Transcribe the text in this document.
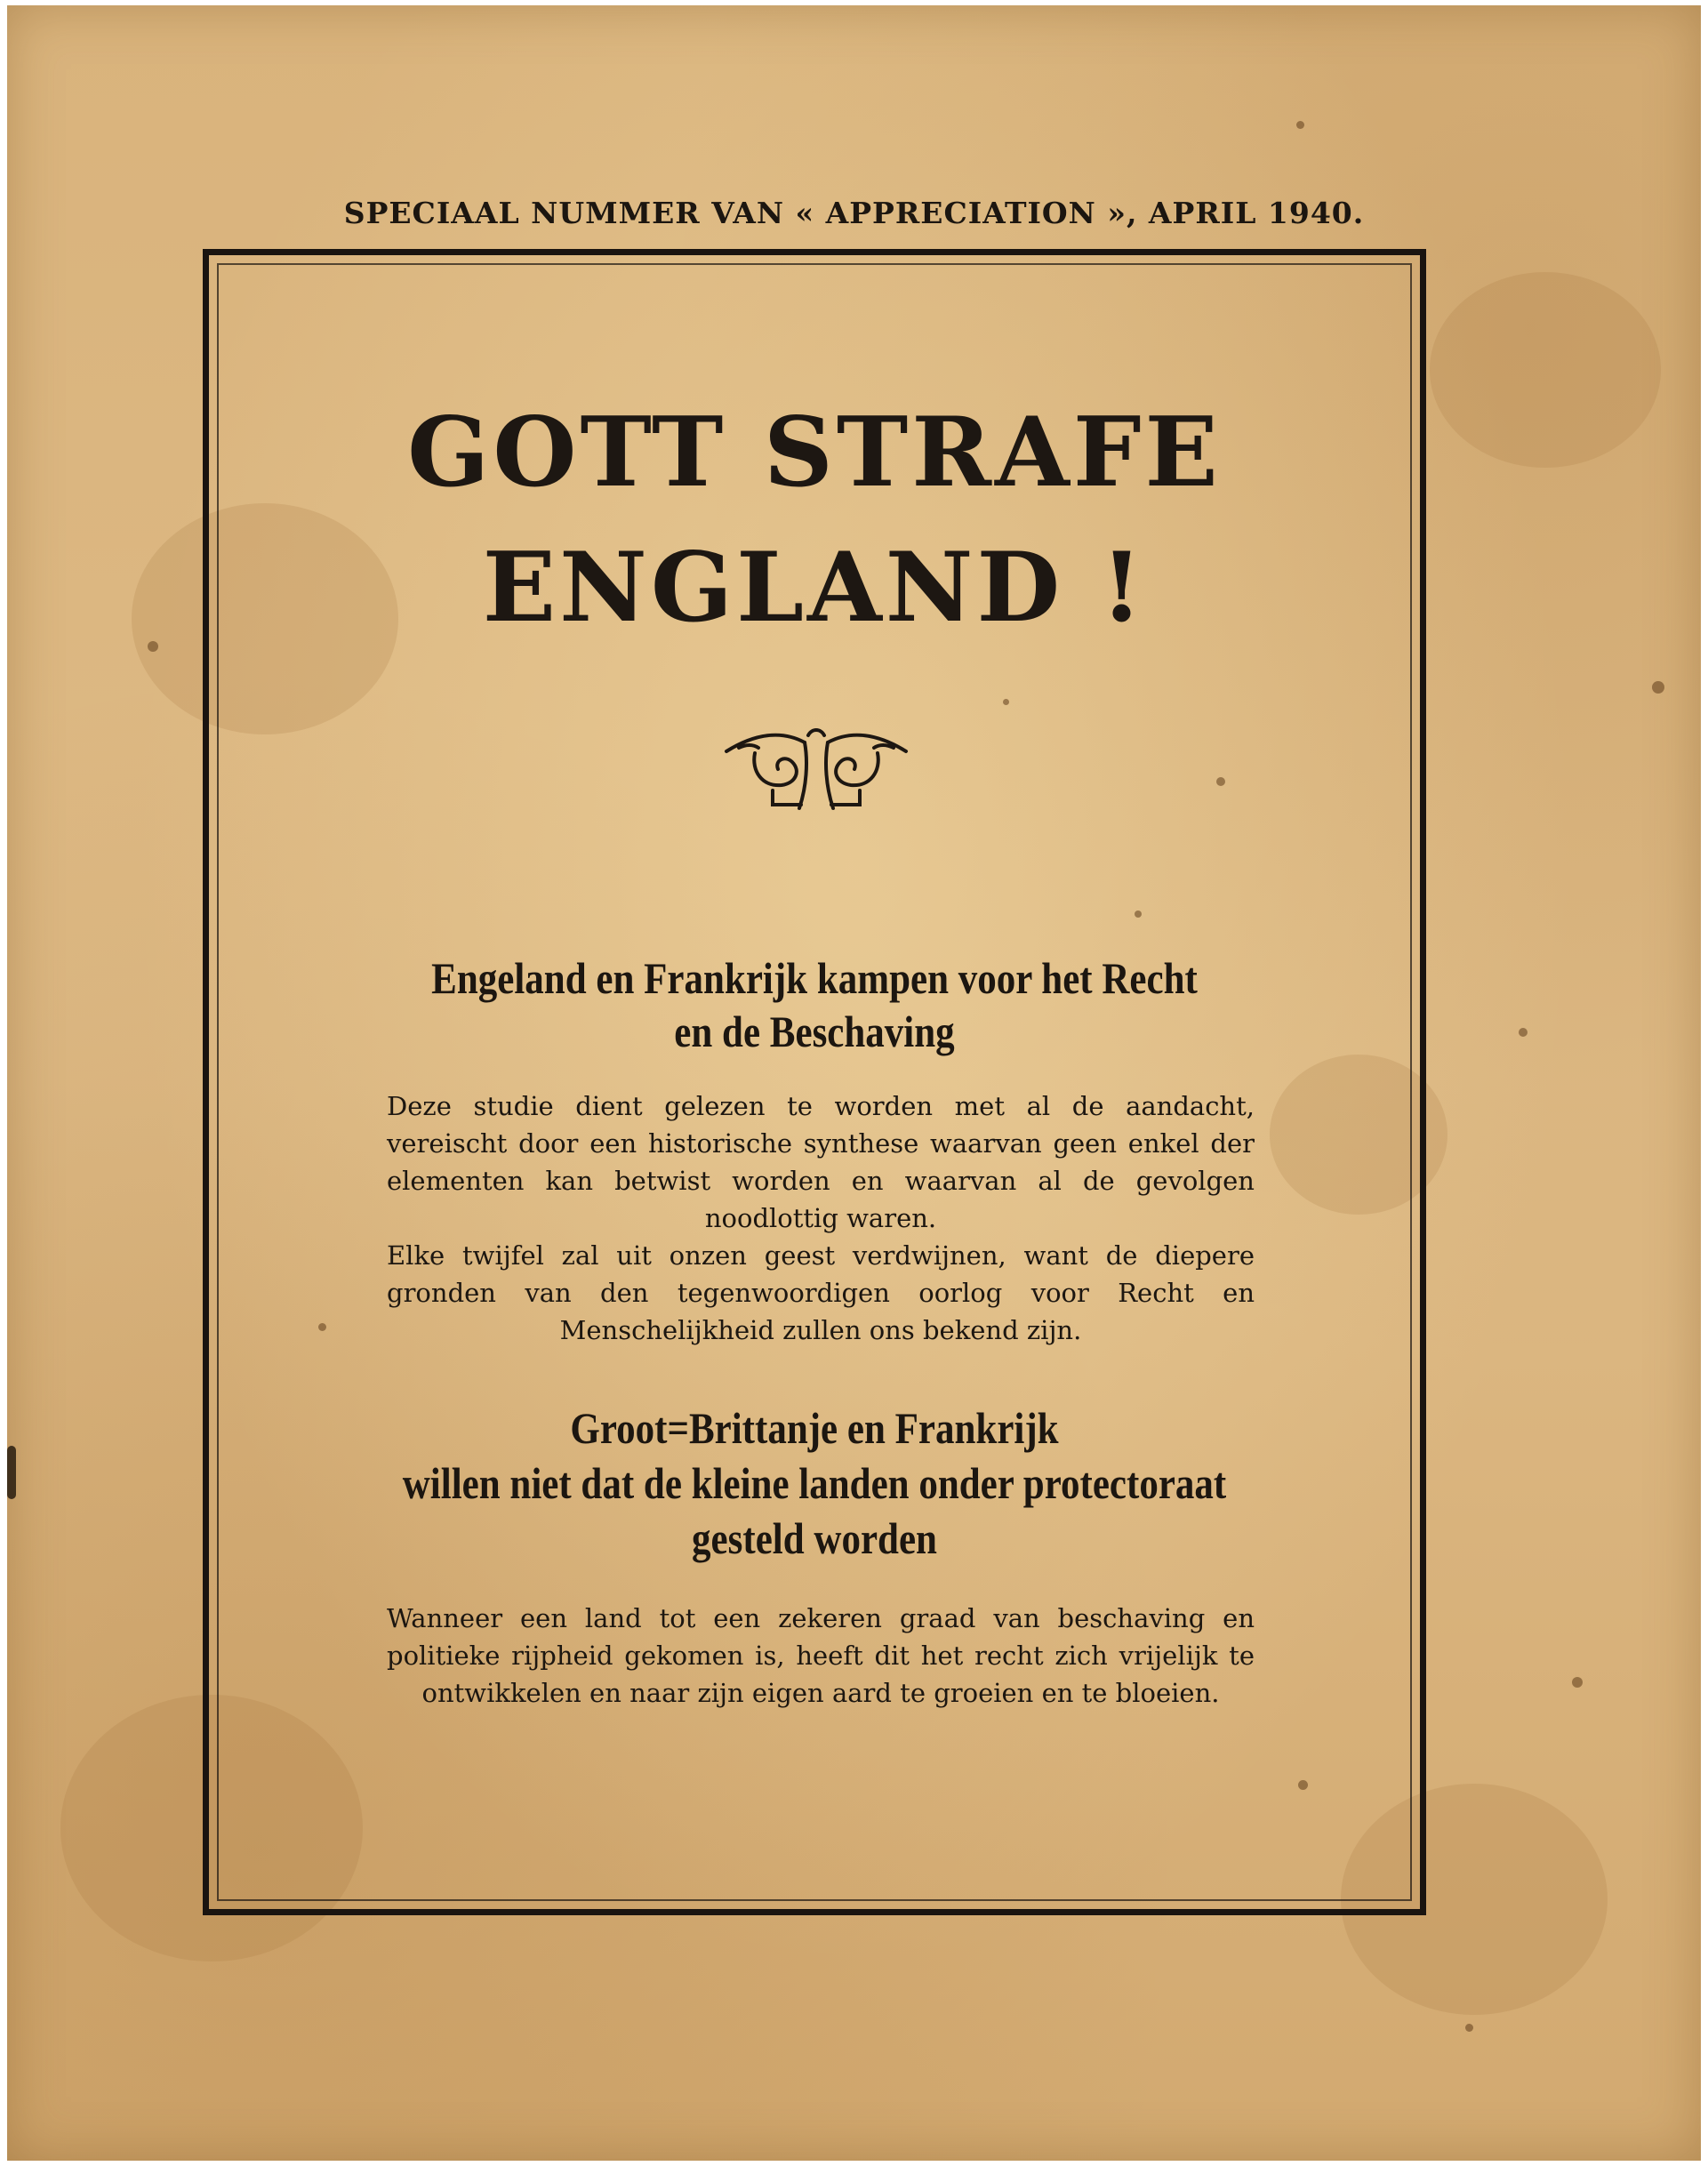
SPECIAAL NUMMER VAN « APPRECIATION », APRIL 1940.
GOTT STRAFE
ENGLAND !
Engeland en Frankrijk kampen voor het Recht
en de Beschaving

Deze studie dient gelezen te worden met al de aandacht, vereischt door een historische synthese waarvan geen enkel der elementen kan betwist worden en waarvan al de gevolgen noodlottig waren.

Elke twijfel zal uit onzen geest verdwijnen, want de diepere gronden van den tegenwoordigen oorlog voor Recht en Menschelijkheid zullen ons bekend zijn.

Groot=Brittanje en Frankrijk
willen niet dat de kleine landen onder protectoraat
gesteld worden

Wanneer een land tot een zekeren graad van beschaving en politieke rijpheid gekomen is, heeft dit het recht zich vrijelijk te ontwikkelen en naar zijn eigen aard te groeien en te bloeien.
